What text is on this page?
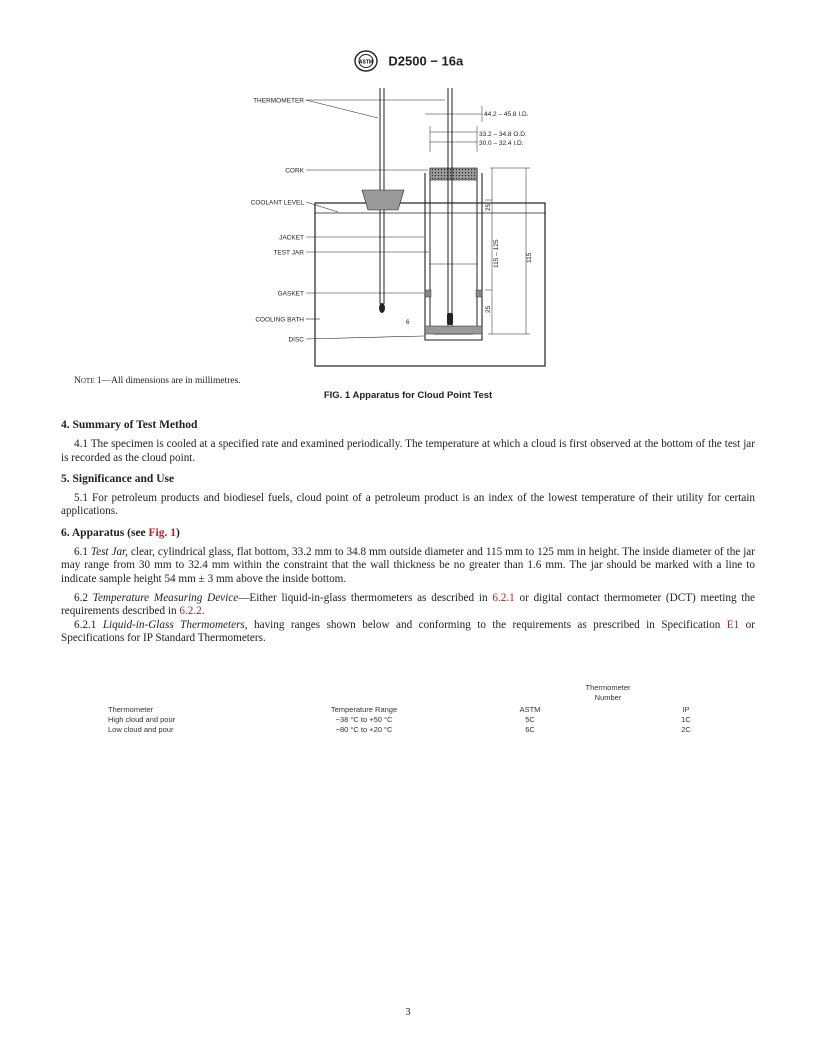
ASTM D2500 − 16a
THERMOMETER
CORK
COOLANT LEVEL
JACKET
TEST JAR
GASKET
COOLING BATH
DISC
44.2 – 45.8 I.D.
33.2 – 34.8 O.D.
30.0 – 32.4 I.D.
115 – 125	115
25
25
6
Note 1—All dimensions are in millimetres.
FIG. 1 Apparatus for Cloud Point Test
4. Summary of Test Method

4.1 The specimen is cooled at a specified rate and examined periodically. The temperature at which a cloud is first observed at the bottom of the test jar is recorded as the cloud point.

5. Significance and Use

5.1 For petroleum products and biodiesel fuels, cloud point of a petroleum product is an index of the lowest temperature of their utility for certain applications.

6. Apparatus (see Fig. 1)

6.1 Test Jar, clear, cylindrical glass, flat bottom, 33.2 mm to 34.8 mm outside diameter and 115 mm to 125 mm in height. The inside diameter of the jar may range from 30 mm to 32.4 mm within the constraint that the wall thickness be no greater than 1.6 mm. The jar should be marked with a line to indicate sample height 54 mm ± 3 mm above the inside bottom.

6.2 Temperature Measuring Device—Either liquid-in-glass thermometers as described in 6.2.1 or digital contact thermometer (DCT) meeting the requirements described in 6.2.2.

6.2.1 Liquid-in-Glass Thermometers, having ranges shown below and conforming to the requirements as prescribed in Specification E1 or Specifications for IP Standard Thermometers.

Thermometer
Number
Thermometer	Temperature Range	ASTM	IP
High cloud and pour	−38 °C to +50 °C	5C	1C
Low cloud and pour	−80 °C to +20 °C	6C	2C
3
